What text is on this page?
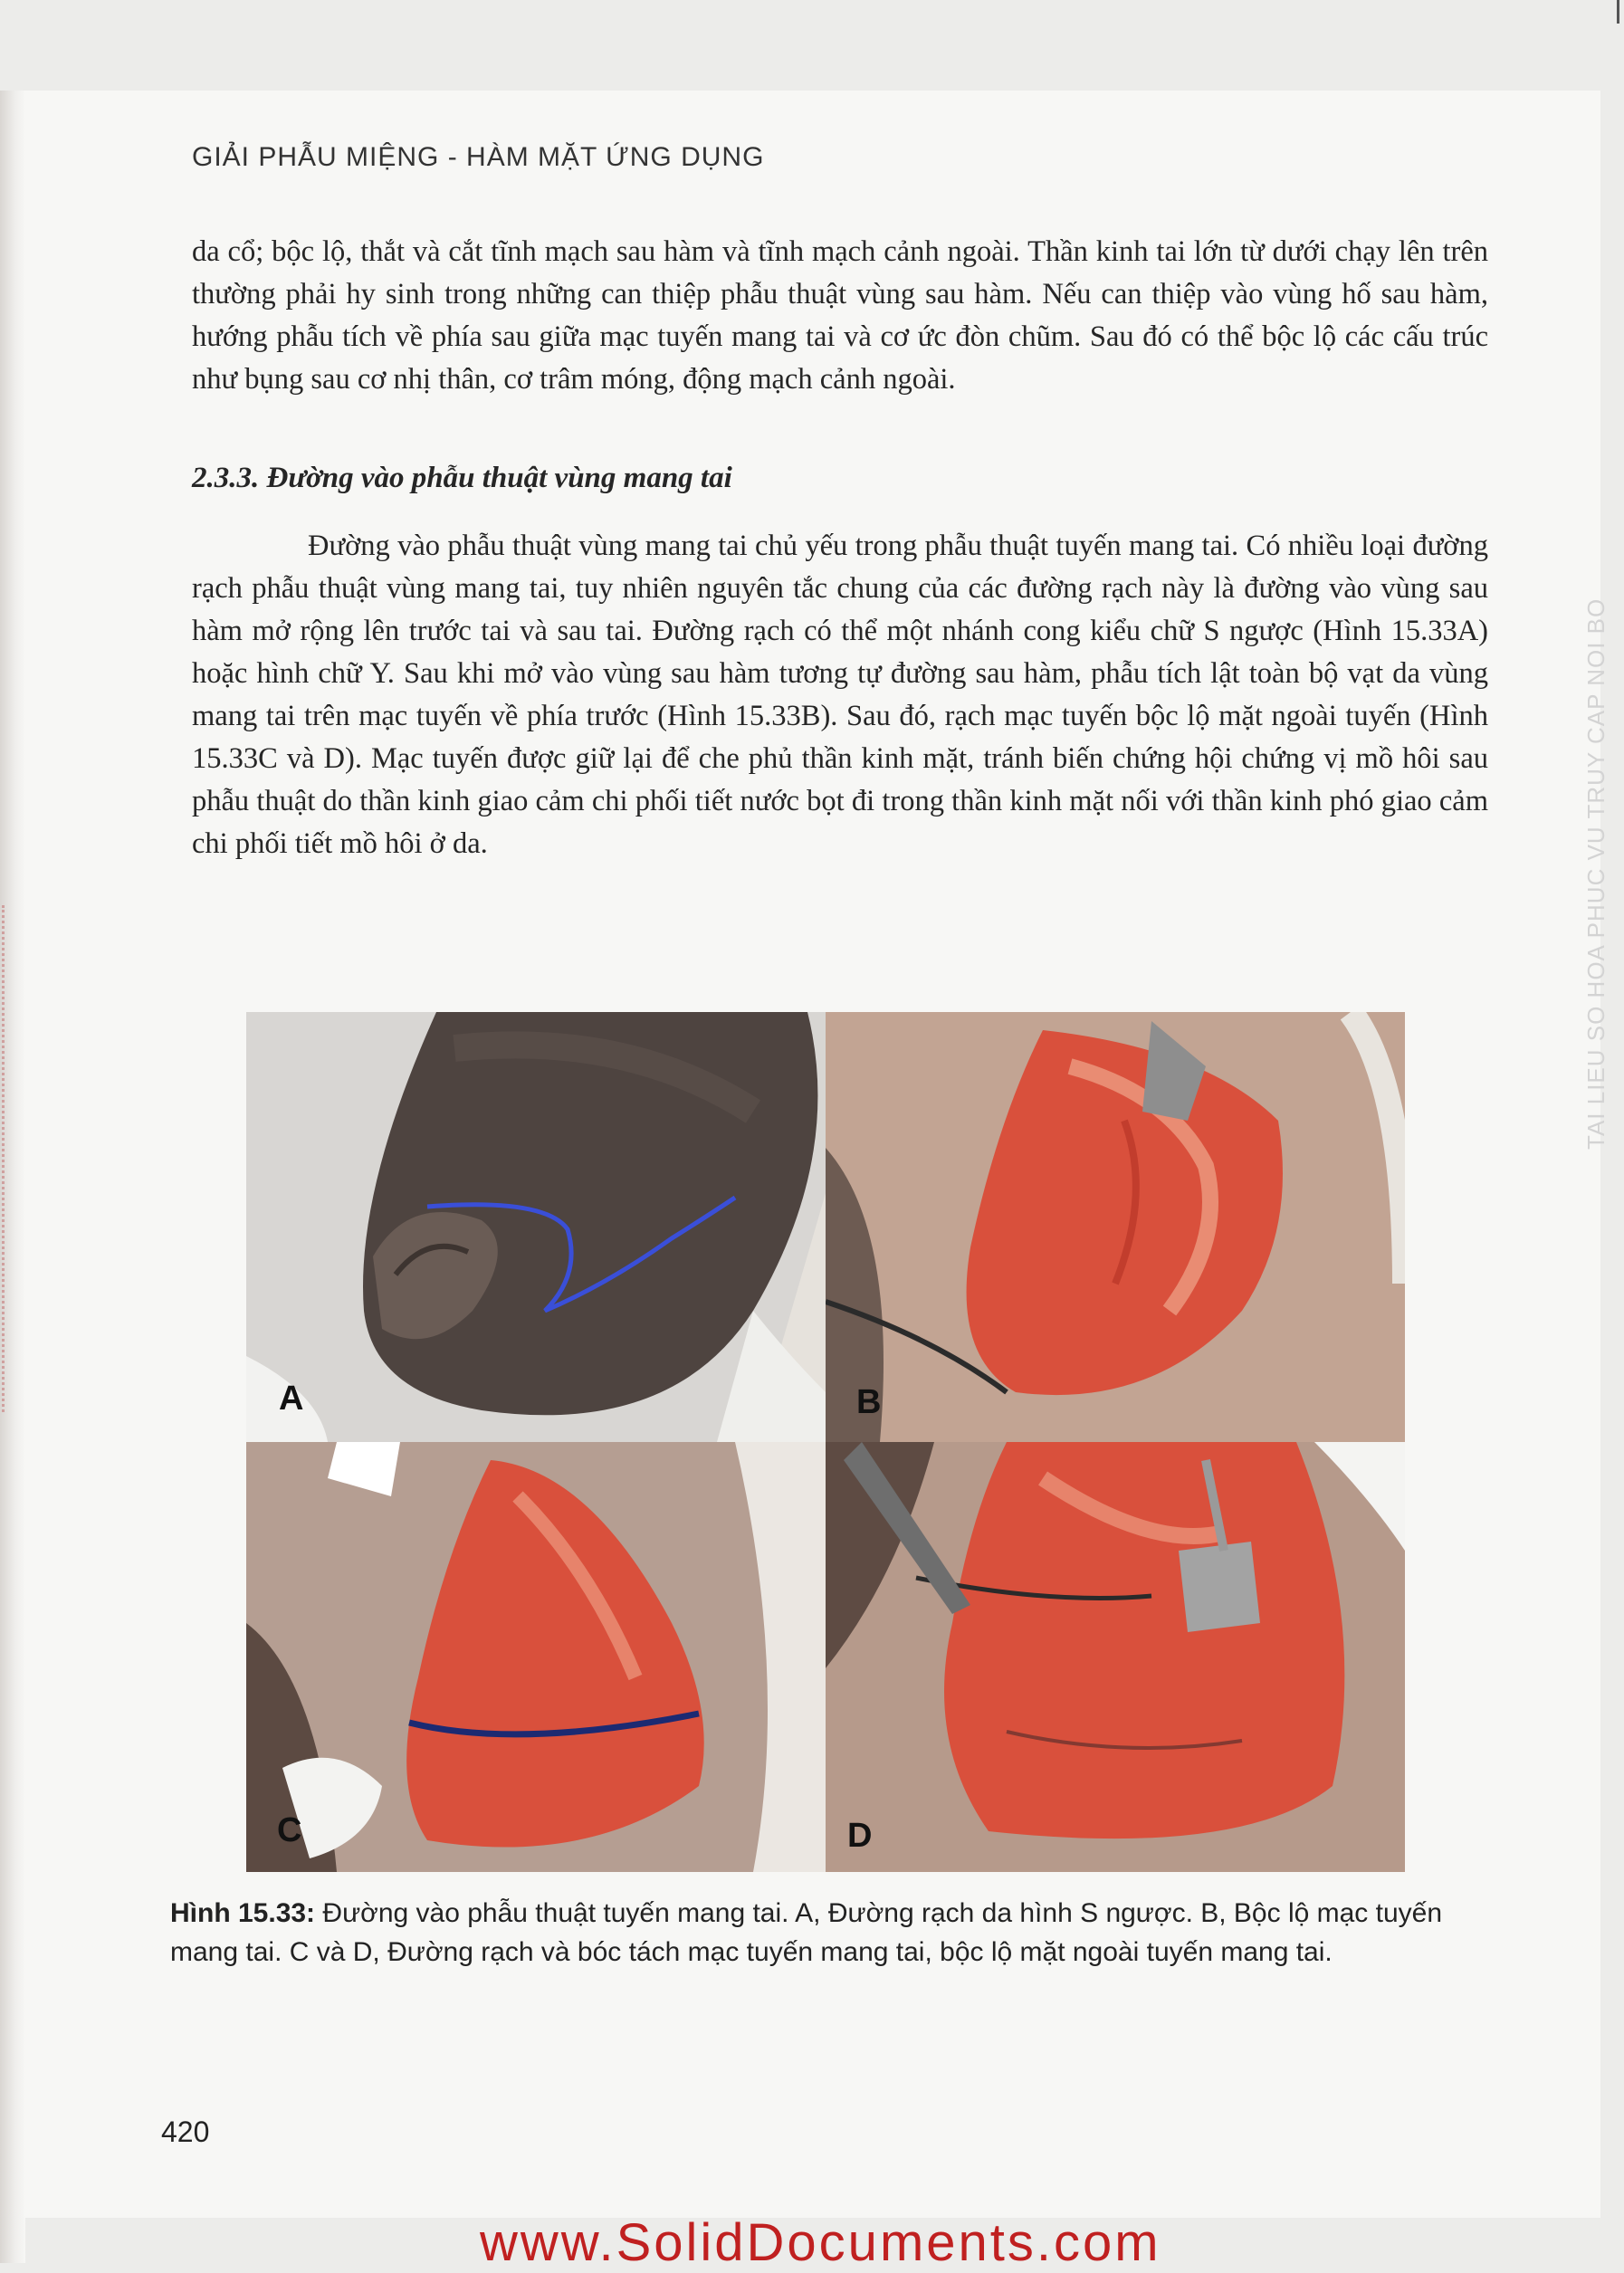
GIẢI PHẪU MIỆNG - HÀM MẶT ỨNG DỤNG

da cổ; bộc lộ, thắt và cắt tĩnh mạch sau hàm và tĩnh mạch cảnh ngoài. Thần kinh tai lớn từ dưới chạy lên trên thường phải hy sinh trong những can thiệp phẫu thuật vùng sau hàm. Nếu can thiệp vào vùng hố sau hàm, hướng phẫu tích về phía sau giữa mạc tuyến mang tai và cơ ức đòn chũm. Sau đó có thể bộc lộ các cấu trúc như bụng sau cơ nhị thân, cơ trâm móng, động mạch cảnh ngoài.

2.3.3. Đường vào phẫu thuật vùng mang tai

Đường vào phẫu thuật vùng mang tai chủ yếu trong phẫu thuật tuyến mang tai. Có nhiều loại đường rạch phẫu thuật vùng mang tai, tuy nhiên nguyên tắc chung của các đường rạch này là đường vào vùng sau hàm mở rộng lên trước tai và sau tai. Đường rạch có thể một nhánh cong kiểu chữ S ngược (Hình 15.33A) hoặc hình chữ Y. Sau khi mở vào vùng sau hàm tương tự đường sau hàm, phẫu tích lật toàn bộ vạt da vùng mang tai trên mạc tuyến về phía trước (Hình 15.33B). Sau đó, rạch mạc tuyến bộc lộ mặt ngoài tuyến (Hình 15.33C và D). Mạc tuyến được giữ lại để che phủ thần kinh mặt, tránh biến chứng hội chứng vị mồ hôi sau phẫu thuật do thần kinh giao cảm chi phối tiết nước bọt đi trong thần kinh mặt nối với thần kinh phó giao cảm chi phối tiết mồ hôi ở da.

A	B
C	D
Hình 15.33: Đường vào phẫu thuật tuyến mang tai. A, Đường rạch da hình S ngược. B, Bộc lộ mạc tuyến mang tai. C và D, Đường rạch và bóc tách mạc tuyến mang tai, bộc lộ mặt ngoài tuyến mang tai.
TAI LIEU SO HOA PHUC VU TRUY CAP NOI BO
420
www.SolidDocuments.com
